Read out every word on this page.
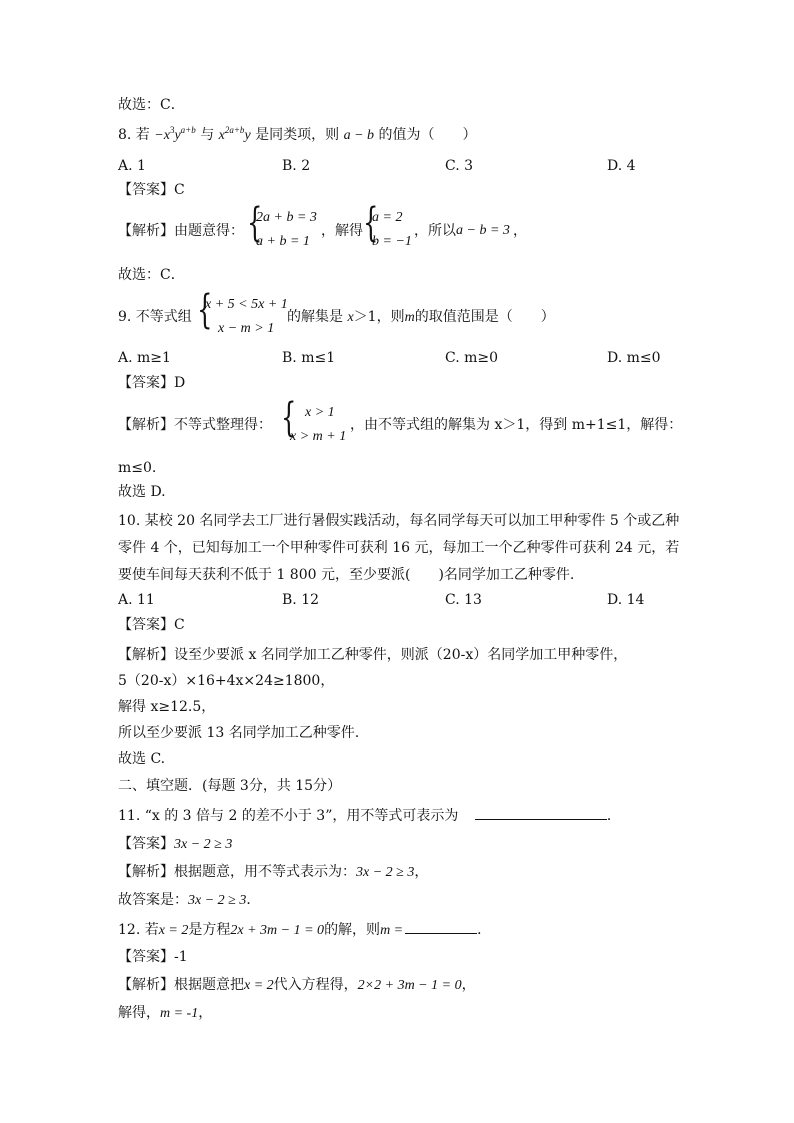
故选：C．
8. 若 $-x^3y^{a+b}$ 与 $x^{2a+b}y$ 是同类项，则 a − b 的值为（　　）
A. 1	B. 2	C. 3	D. 4
【答案】C
【解析】由题意得： {
2a + b = 3
a + b = 1
，解得 {
a = 2
b = −1
，所以 a − b = 3 ，
故选：C．
9. 不等式组 {
x + 5 < 5x + 1
x − m > 1
的解集是 x＞1，则m的取值范围是（　　）
A. m≥1	B. m≤1	C. m≥0	D. m≤0
【答案】D
【解析】不等式整理得： { x > 1
x > m + 1
，由不等式组的解集为 x＞1，得到 m+1≤1，解得：
m≤0.
故选 D.
10. 某校 20 名同学去工厂进行暑假实践活动，每名同学每天可以加工甲种零件 5 个或乙种
零件 4 个，已知每加工一个甲种零件可获利 16 元，每加工一个乙种零件可获利 24 元，若
要使车间每天获利不低于 1 800 元，至少要派(　　)名同学加工乙种零件.
A. 11	B. 12	C. 13	D. 14
【答案】C
【解析】设至少要派 x 名同学加工乙种零件，则派（20-x）名同学加工甲种零件，
5（20-x）×16+4x×24≥1800，
解得 x≥12.5，
所以至少要派 13 名同学加工乙种零件.
故选 C.
二、填空题．(每题 3分，共 15分）
11. “x 的 3 倍与 2 的差不小于 3”，用不等式可表示为	．
【答案】3x − 2 ≥ 3
【解析】根据题意，用不等式表示为：3x − 2 ≥ 3，
故答案是：3x − 2 ≥ 3．
12. 若x = 2是方程2x + 3m − 1 = 0的解，则m =	．
【答案】-1
【解析】根据题意把x = 2代入方程得，2×2 + 3m − 1 = 0，
解得，m = -1，
